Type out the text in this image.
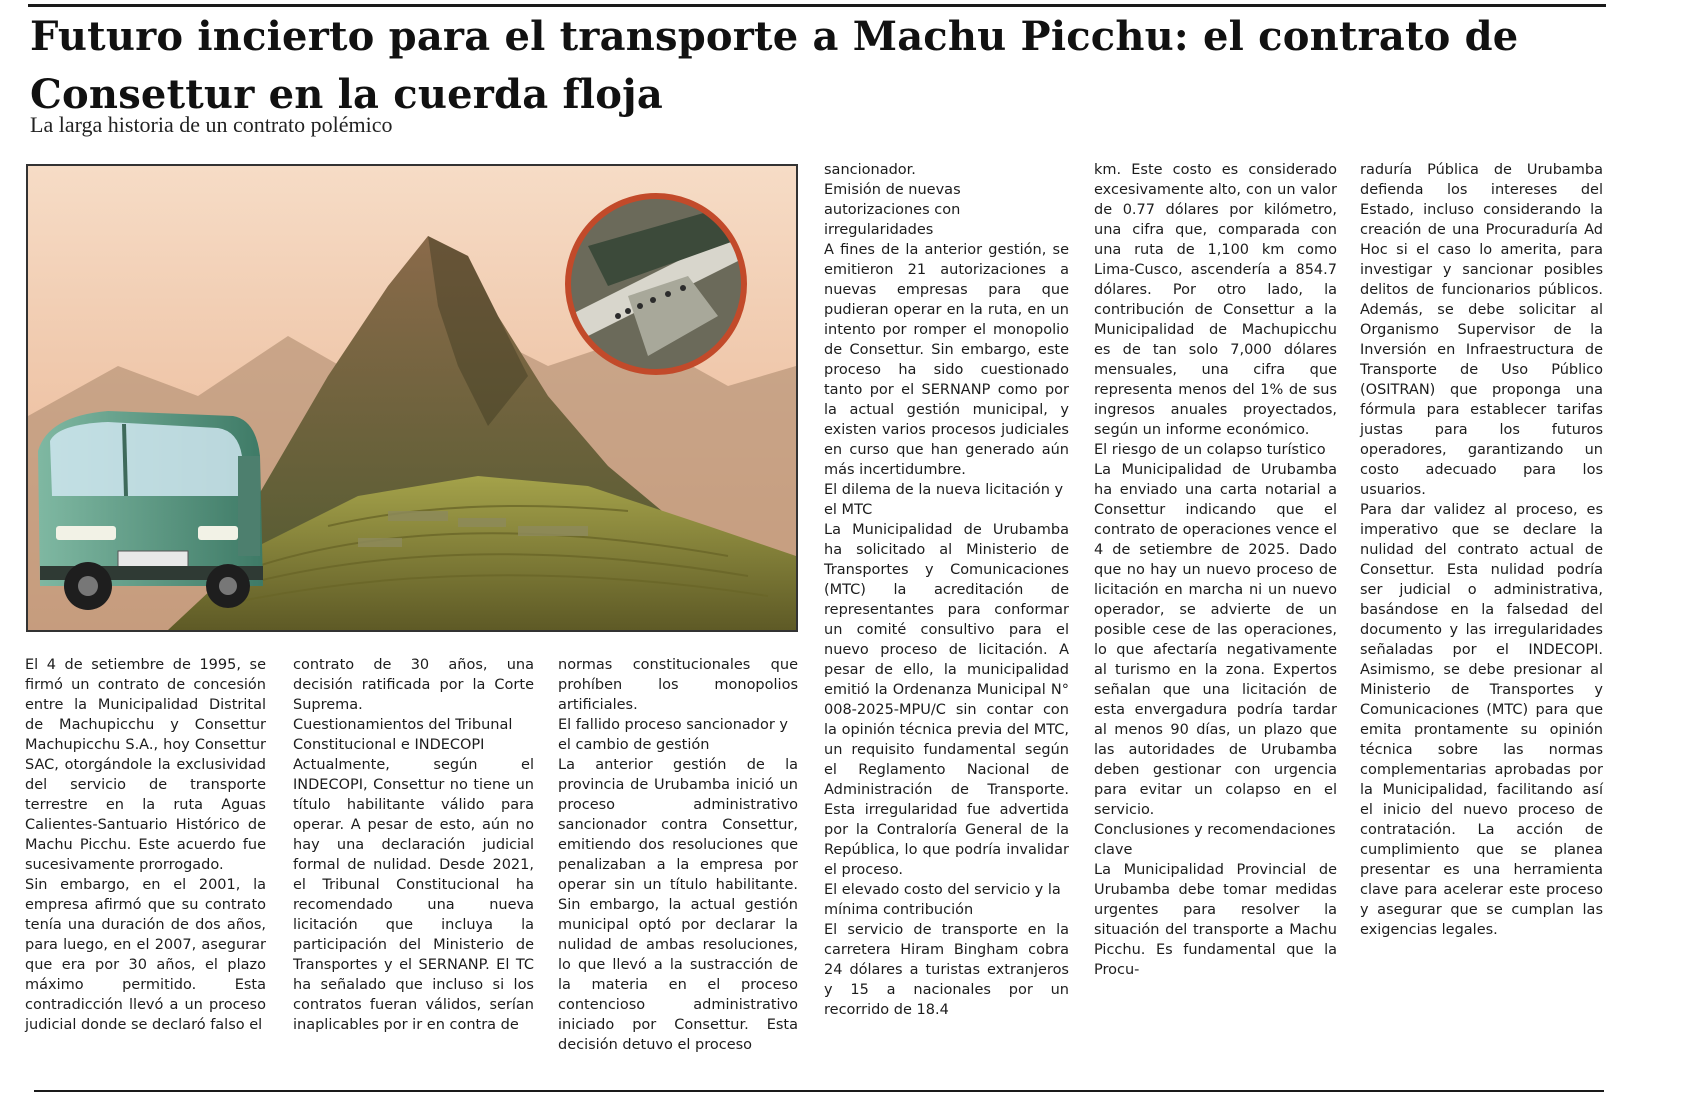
Futuro incierto para el transporte a Machu Picchu: el contrato de Consettur en la cuerda floja
La larga historia de un contrato polémico

El 4 de setiembre de 1995, se firmó un contrato de concesión entre la Municipalidad Distrital de Machupicchu y Consettur Machupicchu S.A., hoy Consettur SAC, otorgándole la exclusividad del servicio de transporte terrestre en la ruta Aguas Calientes-Santuario Histórico de Machu Picchu. Este acuerdo fue sucesivamente prorrogado.

Sin embargo, en el 2001, la empresa afirmó que su contrato tenía una duración de dos años, para luego, en el 2007, asegurar que era por 30 años, el plazo máximo permitido. Esta contradicción llevó a un proceso judicial donde se declaró falso el

contrato de 30 años, una decisión ratificada por la Corte Suprema.

Cuestionamientos del Tribunal Constitucional e INDECOPI

Actualmente, según el INDECOPI, Consettur no tiene un título habilitante válido para operar. A pesar de esto, aún no hay una declaración judicial formal de nulidad. Desde 2021, el Tribunal Constitucional ha recomendado una nueva licitación que incluya la participación del Ministerio de Transportes y el SERNANP. El TC ha señalado que incluso si los contratos fueran válidos, serían inaplicables por ir en contra de

normas constitucionales que prohíben los monopolios artificiales.

El fallido proceso sancionador y el cambio de gestión

La anterior gestión de la provincia de Urubamba inició un proceso administrativo sancionador contra Consettur, emitiendo dos resoluciones que penalizaban a la empresa por operar sin un título habilitante. Sin embargo, la actual gestión municipal optó por declarar la nulidad de ambas resoluciones, lo que llevó a la sustracción de la materia en el proceso contencioso administrativo iniciado por Consettur. Esta decisión detuvo el proceso

sancionador.

Emisión de nuevas autorizaciones con irregularidades

A fines de la anterior gestión, se emitieron 21 autorizaciones a nuevas empresas para que pudieran operar en la ruta, en un intento por romper el monopolio de Consettur. Sin embargo, este proceso ha sido cuestionado tanto por el SERNANP como por la actual gestión municipal, y existen varios procesos judiciales en curso que han generado aún más incertidumbre.

El dilema de la nueva licitación y el MTC

La Municipalidad de Urubamba ha solicitado al Ministerio de Transportes y Comunicaciones (MTC) la acreditación de representantes para conformar un comité consultivo para el nuevo proceso de licitación. A pesar de ello, la municipalidad emitió la Ordenanza Municipal N° 008-2025-MPU/C sin contar con la opinión técnica previa del MTC, un requisito fundamental según el Reglamento Nacional de Administración de Transporte. Esta irregularidad fue advertida por la Contraloría General de la República, lo que podría invalidar el proceso.

El elevado costo del servicio y la mínima contribución

El servicio de transporte en la carretera Hiram Bingham cobra 24 dólares a turistas extranjeros y 15 a nacionales por un recorrido de 18.4

km. Este costo es considerado excesivamente alto, con un valor de 0.77 dólares por kilómetro, una cifra que, comparada con una ruta de 1,100 km como Lima-Cusco, ascendería a 854.7 dólares. Por otro lado, la contribución de Consettur a la Municipalidad de Machupicchu es de tan solo 7,000 dólares mensuales, una cifra que representa menos del 1% de sus ingresos anuales proyectados, según un informe económico.

El riesgo de un colapso turístico

La Municipalidad de Urubamba ha enviado una carta notarial a Consettur indicando que el contrato de operaciones vence el 4 de setiembre de 2025. Dado que no hay un nuevo proceso de licitación en marcha ni un nuevo operador, se advierte de un posible cese de las operaciones, lo que afectaría negativamente al turismo en la zona. Expertos señalan que una licitación de esta envergadura podría tardar al menos 90 días, un plazo que las autoridades de Urubamba deben gestionar con urgencia para evitar un colapso en el servicio.

Conclusiones y recomendaciones clave

La Municipalidad Provincial de Urubamba debe tomar medidas urgentes para resolver la situación del transporte a Machu Picchu. Es fundamental que la Procu-

raduría Pública de Urubamba defienda los intereses del Estado, incluso considerando la creación de una Procuraduría Ad Hoc si el caso lo amerita, para investigar y sancionar posibles delitos de funcionarios públicos. Además, se debe solicitar al Organismo Supervisor de la Inversión en Infraestructura de Transporte de Uso Público (OSITRAN) que proponga una fórmula para establecer tarifas justas para los futuros operadores, garantizando un costo adecuado para los usuarios.

Para dar validez al proceso, es imperativo que se declare la nulidad del contrato actual de Consettur. Esta nulidad podría ser judicial o administrativa, basándose en la falsedad del documento y las irregularidades señaladas por el INDECOPI. Asimismo, se debe presionar al Ministerio de Transportes y Comunicaciones (MTC) para que emita prontamente su opinión técnica sobre las normas complementarias aprobadas por la Municipalidad, facilitando así el inicio del nuevo proceso de contratación. La acción de cumplimiento que se planea presentar es una herramienta clave para acelerar este proceso y asegurar que se cumplan las exigencias legales.
